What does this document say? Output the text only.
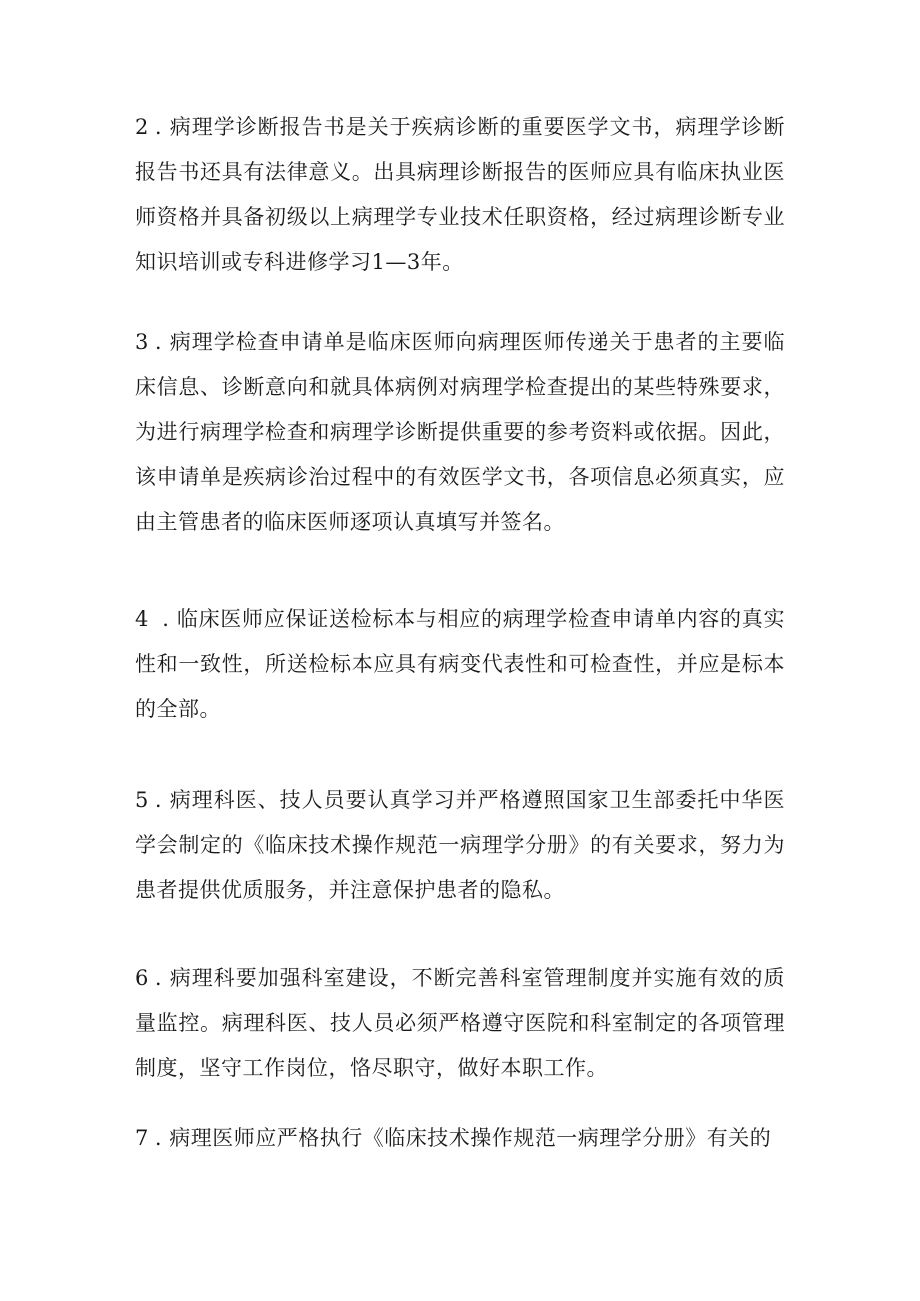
2 . 病理学诊断报告书是关于疾病诊断的重要医学文书，病理学诊断报告书还具有法律意义。出具病理诊断报告的医师应具有临床执业医师资格并具备初级以上病理学专业技术任职资格，经过病理诊断专业知识培训或专科进修学习1—3年。

3 . 病理学检查申请单是临床医师向病理医师传递关于患者的主要临床信息、诊断意向和就具体病例对病理学检查提出的某些特殊要求，为进行病理学检查和病理学诊断提供重要的参考资料或依据。因此，该申请单是疾病诊治过程中的有效医学文书，各项信息必须真实，应由主管患者的临床医师逐项认真填写并签名。

4 . 临床医师应保证送检标本与相应的病理学检查申请单内容的真实性和一致性，所送检标本应具有病变代表性和可检查性，并应是标本的全部。

5 . 病理科医、技人员要认真学习并严格遵照国家卫生部委托中华医学会制定的《临床技术操作规范一病理学分册》的有关要求，努力为患者提供优质服务，并注意保护患者的隐私。

6 . 病理科要加强科室建设，不断完善科室管理制度并实施有效的质量监控。病理科医、技人员必须严格遵守医院和科室制定的各项管理制度，坚守工作岗位，恪尽职守，做好本职工作。

7 . 病理医师应严格执行《临床技术操作规范一病理学分册》有关的
